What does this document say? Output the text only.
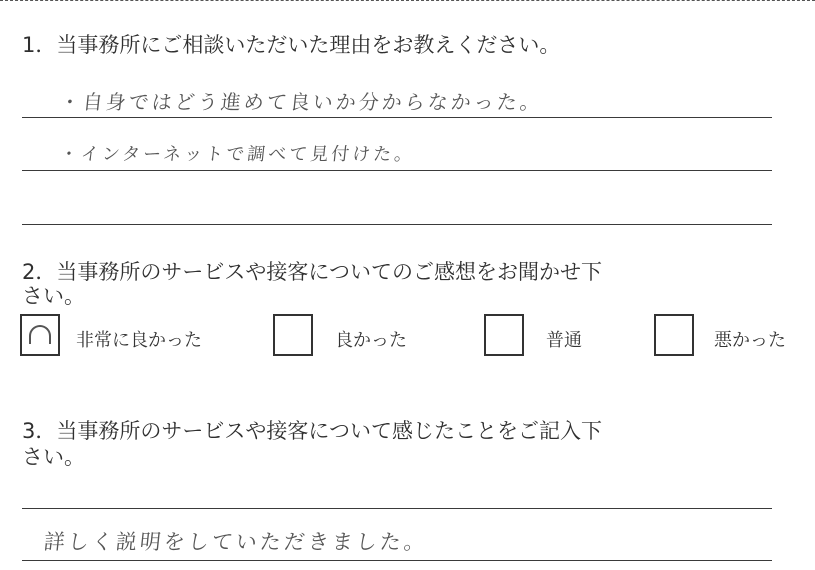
1．当事務所にご相談いただいた理由をお教えください。
・自身ではどう進めて良いか分からなかった。
・インターネットで調べて見付けた。
2．当事務所のサービスや接客についてのご感想をお聞かせ下
さい。
非常に良かった	良かった	普通	悪かった
3．当事務所のサービスや接客について感じたことをご記入下
さい。
詳しく説明をしていただきました。
